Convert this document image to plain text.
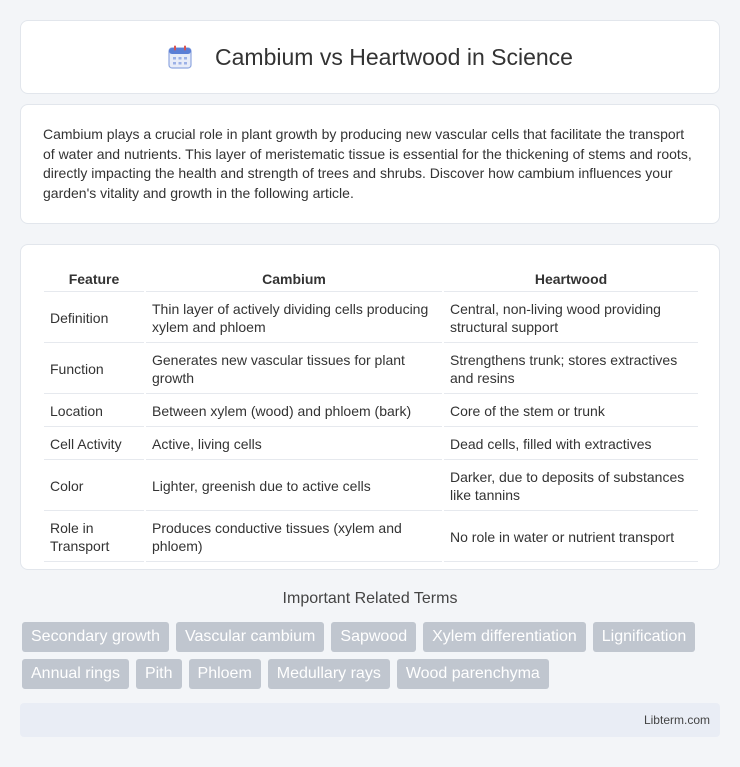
Cambium vs Heartwood in Science

Cambium plays a crucial role in plant growth by producing new vascular cells that facilitate the transport of water and nutrients. This layer of meristematic tissue is essential for the thickening of stems and roots, directly impacting the health and strength of trees and shrubs. Discover how cambium influences your garden's vitality and growth in the following article.

Feature	Cambium	Heartwood
Definition	Thin layer of actively dividing cells producing xylem and phloem	Central, non-living wood providing structural support
Function	Generates new vascular tissues for plant growth	Strengthens trunk; stores extractives and resins
Location	Between xylem (wood) and phloem (bark)	Core of the stem or trunk
Cell Activity	Active, living cells	Dead cells, filled with extractives
Color	Lighter, greenish due to active cells	Darker, due to deposits of substances like tannins
Role in Transport	Produces conductive tissues (xylem and phloem)	No role in water or nutrient transport
Important Related Terms
Secondary growth	Vascular cambium	Sapwood	Xylem differentiation	Lignification
Annual rings	Pith	Phloem	Medullary rays	Wood parenchyma
Libterm.com
